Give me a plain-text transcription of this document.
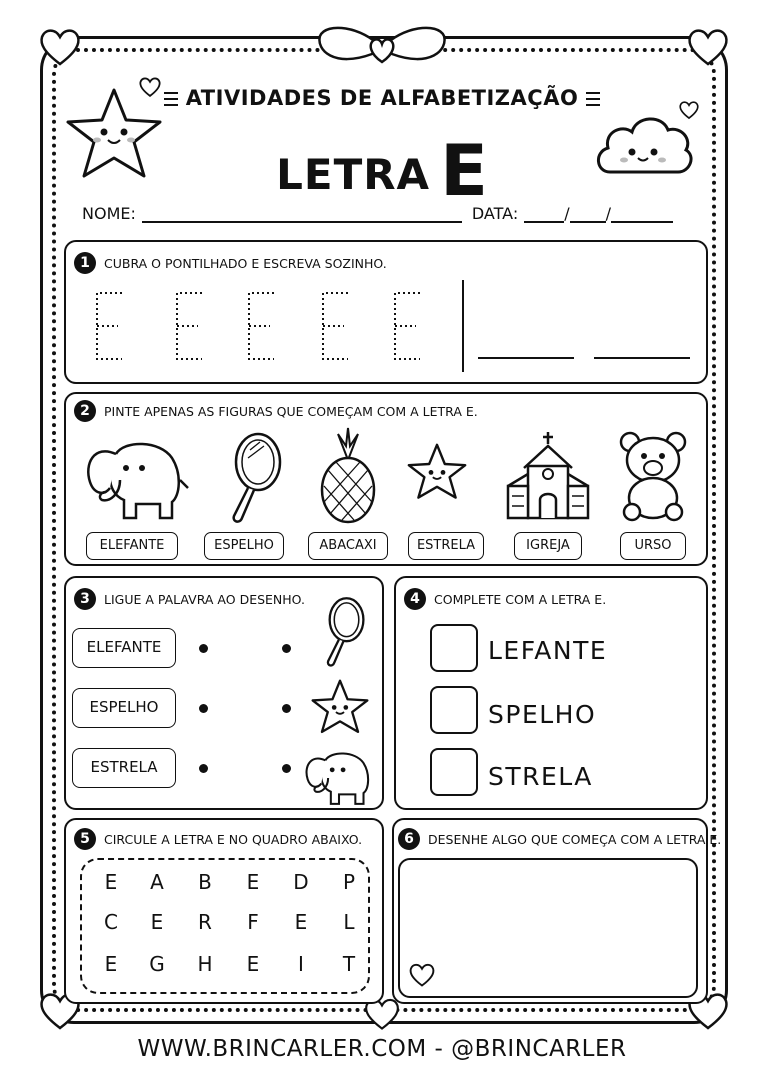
ATIVIDADES DE ALFABETIZAÇÃO
LETRA E
NOME:	DATA:	/ /
1	CUBRA O PONTILHADO E ESCREVA SOZINHO.
2	PINTE APENAS AS FIGURAS QUE COMEÇAM COM A LETRA E.
ELEFANTE	ESPELHO	ABACAXI	ESTRELA	IGREJA	URSO
3	LIGUE A PALAVRA AO DESENHO.
ELEFANTE
ESPELHO
ESTRELA
4	COMPLETE COM A LETRA E.
LEFANTE
SPELHO
STRELA
5	CIRCULE A LETRA E NO QUADRO ABAIXO.
E	A	B	E	D	P
C	E	R	F	E	L
E	G	H	E	I	T
6	DESENHE ALGO QUE COMEÇA COM A LETRA E.
WWW.BRINCARLER.COM - @BRINCARLER
